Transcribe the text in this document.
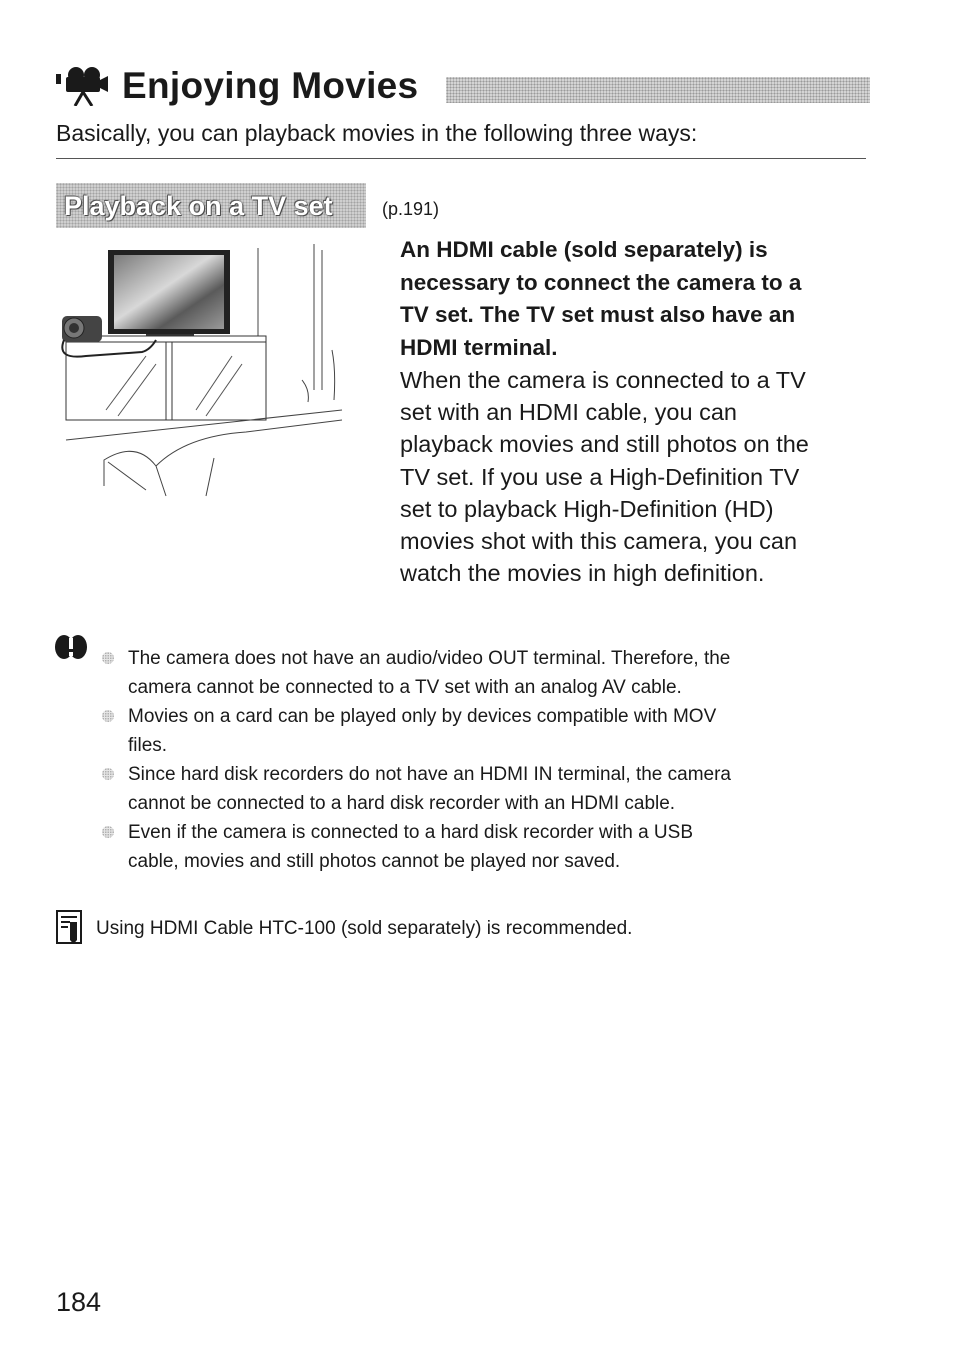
Enjoying Movies
Basically, you can playback movies in the following three ways:
Playback on a TV set	(p.191)

An HDMI cable (sold separately) is
necessary to connect the camera to a
TV set. The TV set must also have an
HDMI terminal.

When the camera is connected to a TV
set with an HDMI cable, you can
playback movies and still photos on the
TV set. If you use a High-Definition TV
set to playback High-Definition (HD)
movies shot with this camera, you can
watch the movies in high definition.

The camera does not have an audio/video OUT terminal. Therefore, the
camera cannot be connected to a TV set with an analog AV cable.
Movies on a card can be played only by devices compatible with MOV
files.
Since hard disk recorders do not have an HDMI IN terminal, the camera
cannot be connected to a hard disk recorder with an HDMI cable.
Even if the camera is connected to a hard disk recorder with a USB
cable, movies and still photos cannot be played nor saved.
Using HDMI Cable HTC-100 (sold separately) is recommended.
184
